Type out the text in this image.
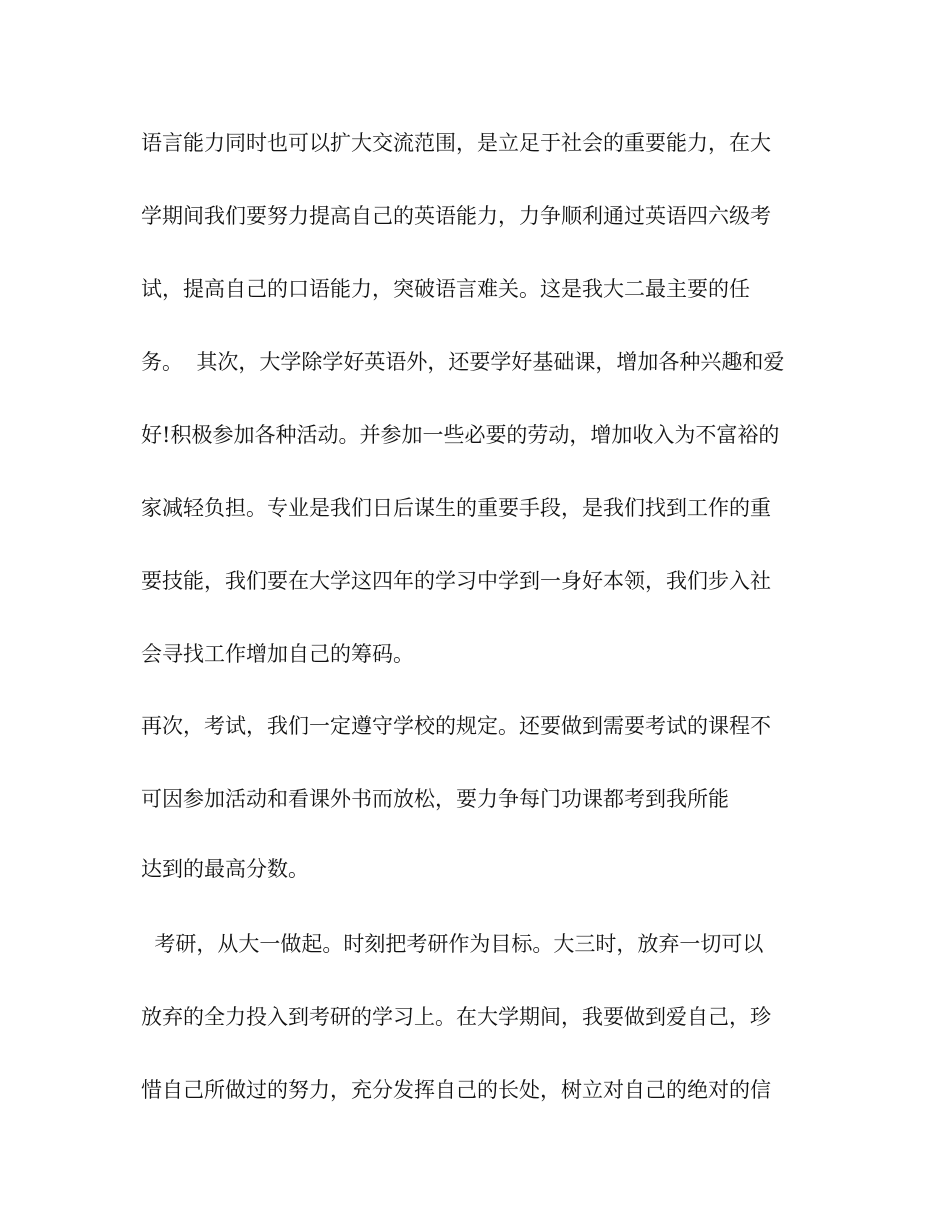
语言能力同时也可以扩大交流范围，是立足于社会的重要能力，在大
学期间我们要努力提高自己的英语能力，力争顺利通过英语四六级考
试，提高自己的口语能力，突破语言难关。这是我大二最主要的任
务。  其次，大学除学好英语外，还要学好基础课，增加各种兴趣和爱
好!积极参加各种活动。并参加一些必要的劳动，增加收入为不富裕的
家减轻负担。专业是我们日后谋生的重要手段，是我们找到工作的重
要技能，我们要在大学这四年的学习中学到一身好本领，我们步入社
会寻找工作增加自己的筹码。
再次，考试，我们一定遵守学校的规定。还要做到需要考试的课程不
可因参加活动和看课外书而放松，要力争每门功课都考到我所能
达到的最高分数。
考研，从大一做起。时刻把考研作为目标。大三时，放弃一切可以
放弃的全力投入到考研的学习上。在大学期间，我要做到爱自己，珍
惜自己所做过的努力，充分发挥自己的长处，树立对自己的绝对的信
